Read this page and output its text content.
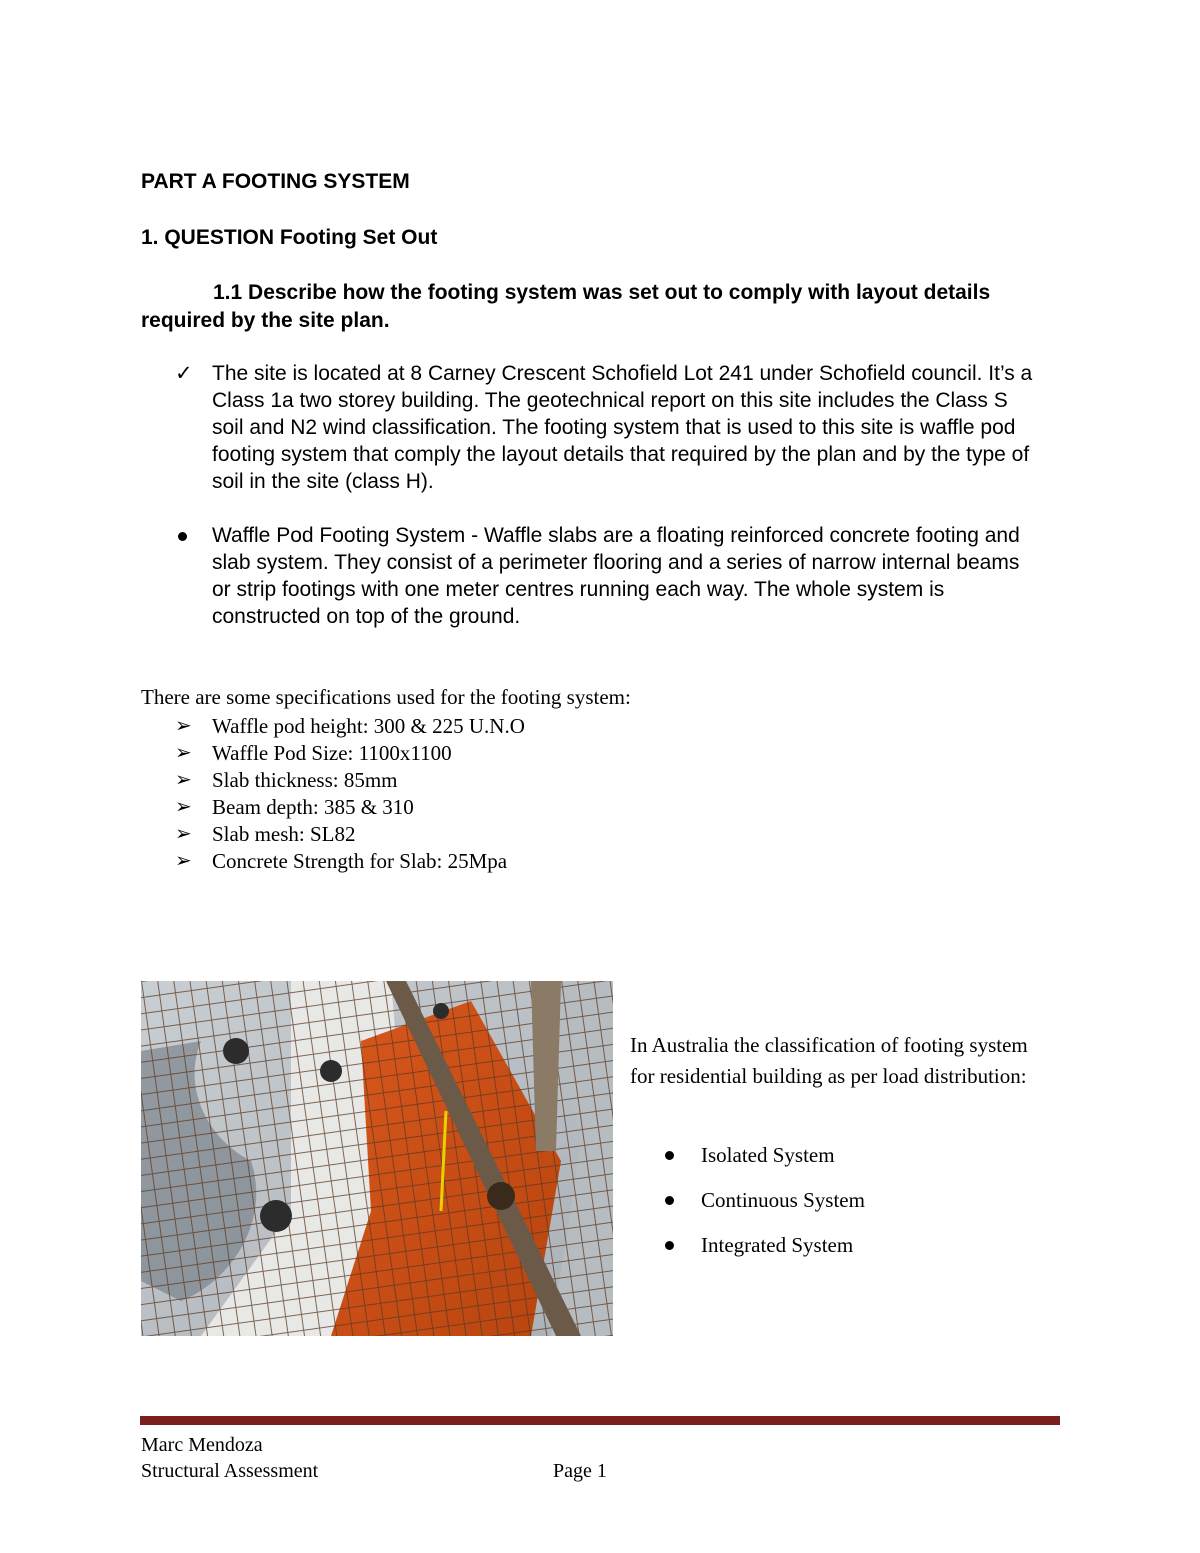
PART A FOOTING SYSTEM
1. QUESTION Footing Set Out
1.1 Describe how the footing system was set out to comply with layout details required by the site plan.
✓ The site is located at 8 Carney Crescent Schofield Lot 241 under Schofield council. It’s a Class 1a two storey building. The geotechnical report on this site includes the Class S soil and N2 wind classification. The footing system that is used to this site is waffle pod footing system that comply the layout details that required by the plan and by the type of soil in the site (class H).
Waffle Pod Footing System - Waffle slabs are a floating reinforced concrete footing and slab system. They consist of a perimeter flooring and a series of narrow internal beams or strip footings with one meter centres running each way. The whole system is constructed on top of the ground.
There are some specifications used for the footing system:
➢ Waffle pod height: 300 & 225 U.N.O
➢ Waffle Pod Size: 1100x1100
➢ Slab thickness: 85mm
➢ Beam depth: 385 & 310
➢ Slab mesh: SL82
➢ Concrete Strength for Slab: 25Mpa
In Australia the classification of footing system for residential building as per load distribution:
Isolated System
Continuous System
Integrated System
Marc Mendoza
Structural Assessment	Page 1
